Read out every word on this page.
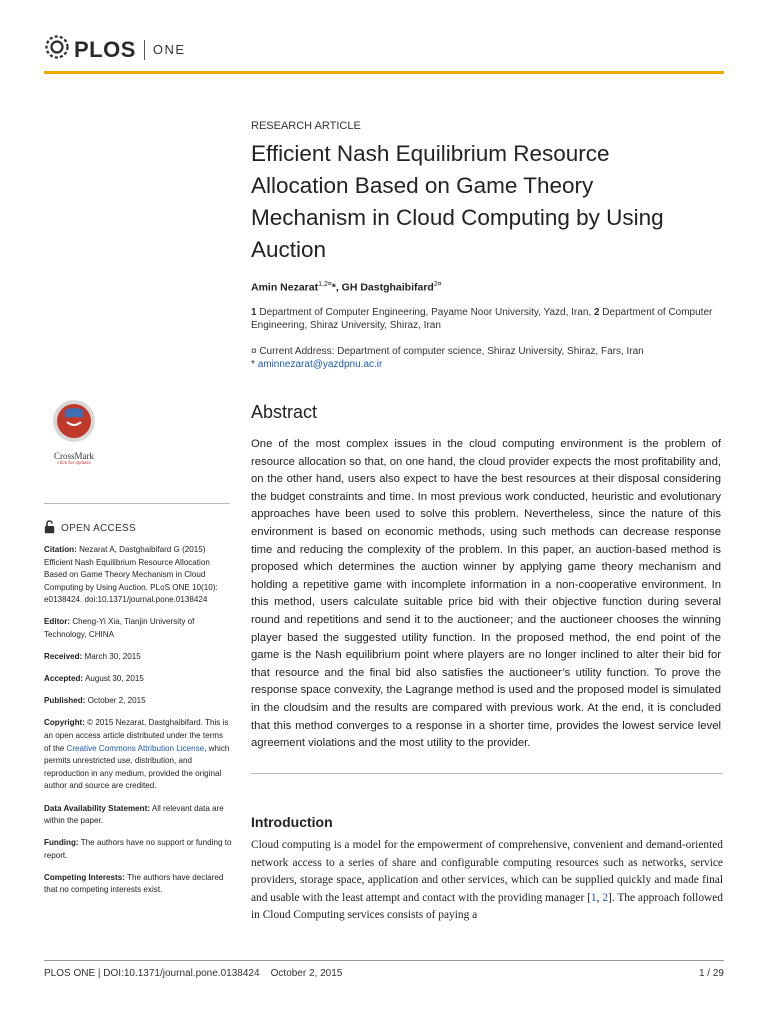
PLOS ONE
RESEARCH ARTICLE
Efficient Nash Equilibrium Resource Allocation Based on Game Theory Mechanism in Cloud Computing by Using Auction
Amin Nezarat$^{1,2¤}$*, GH Dastghaibifard$^{2¤}$
1 Department of Computer Engineering, Payame Noor University, Yazd, Iran, 2 Department of Computer Engineering, Shiraz University, Shiraz, Iran
¤ Current Address: Department of computer science, Shiraz University, Shiraz, Fars, Iran
* aminnezarat@yazdpnu.ac.ir
CrossMark
click for updates
OPEN ACCESS

Citation: Nezarat A, Dastghaibifard G (2015) Efficient Nash Equilibrium Resource Allocation Based on Game Theory Mechanism in Cloud Computing by Using Auction. PLoS ONE 10(10): e0138424. doi:10.1371/journal.pone.0138424

Editor: Cheng-Yi Xia, Tianjin University of Technology, CHINA

Received: March 30, 2015

Accepted: August 30, 2015

Published: October 2, 2015

Copyright: © 2015 Nezarat, Dastghaibifard. This is an open access article distributed under the terms of the Creative Commons Attribution License, which permits unrestricted use, distribution, and reproduction in any medium, provided the original author and source are credited.

Data Availability Statement: All relevant data are within the paper.

Funding: The authors have no support or funding to report.

Competing Interests: The authors have declared that no competing interests exist.

Abstract
One of the most complex issues in the cloud computing environment is the problem of resource allocation so that, on one hand, the cloud provider expects the most profitability and, on the other hand, users also expect to have the best resources at their disposal considering the budget constraints and time. In most previous work conducted, heuristic and evolutionary approaches have been used to solve this problem. Nevertheless, since the nature of this environment is based on economic methods, using such methods can decrease response time and reducing the complexity of the problem. In this paper, an auction-based method is proposed which determines the auction winner by applying game theory mechanism and holding a repetitive game with incomplete information in a non-cooperative environment. In this method, users calculate suitable price bid with their objective function during several round and repetitions and send it to the auctioneer; and the auctioneer chooses the winning player based the suggested utility function. In the proposed method, the end point of the game is the Nash equilibrium point where players are no longer inclined to alter their bid for that resource and the final bid also satisfies the auctioneer’s utility function. To prove the response space convexity, the Lagrange method is used and the proposed model is simulated in the cloudsim and the results are compared with previous work. At the end, it is concluded that this method converges to a response in a shorter time, provides the lowest service level agreement violations and the most utility to the provider.
Introduction
Cloud computing is a model for the empowerment of comprehensive, convenient and demand-oriented network access to a series of share and configurable computing resources such as networks, service providers, storage space, application and other services, which can be supplied quickly and made final and usable with the least attempt and contact with the providing manager [1, 2]. The approach followed in Cloud Computing services consists of paying a
PLOS ONE | DOI:10.1371/journal.pone.0138424    October 2, 2015	1 / 29
